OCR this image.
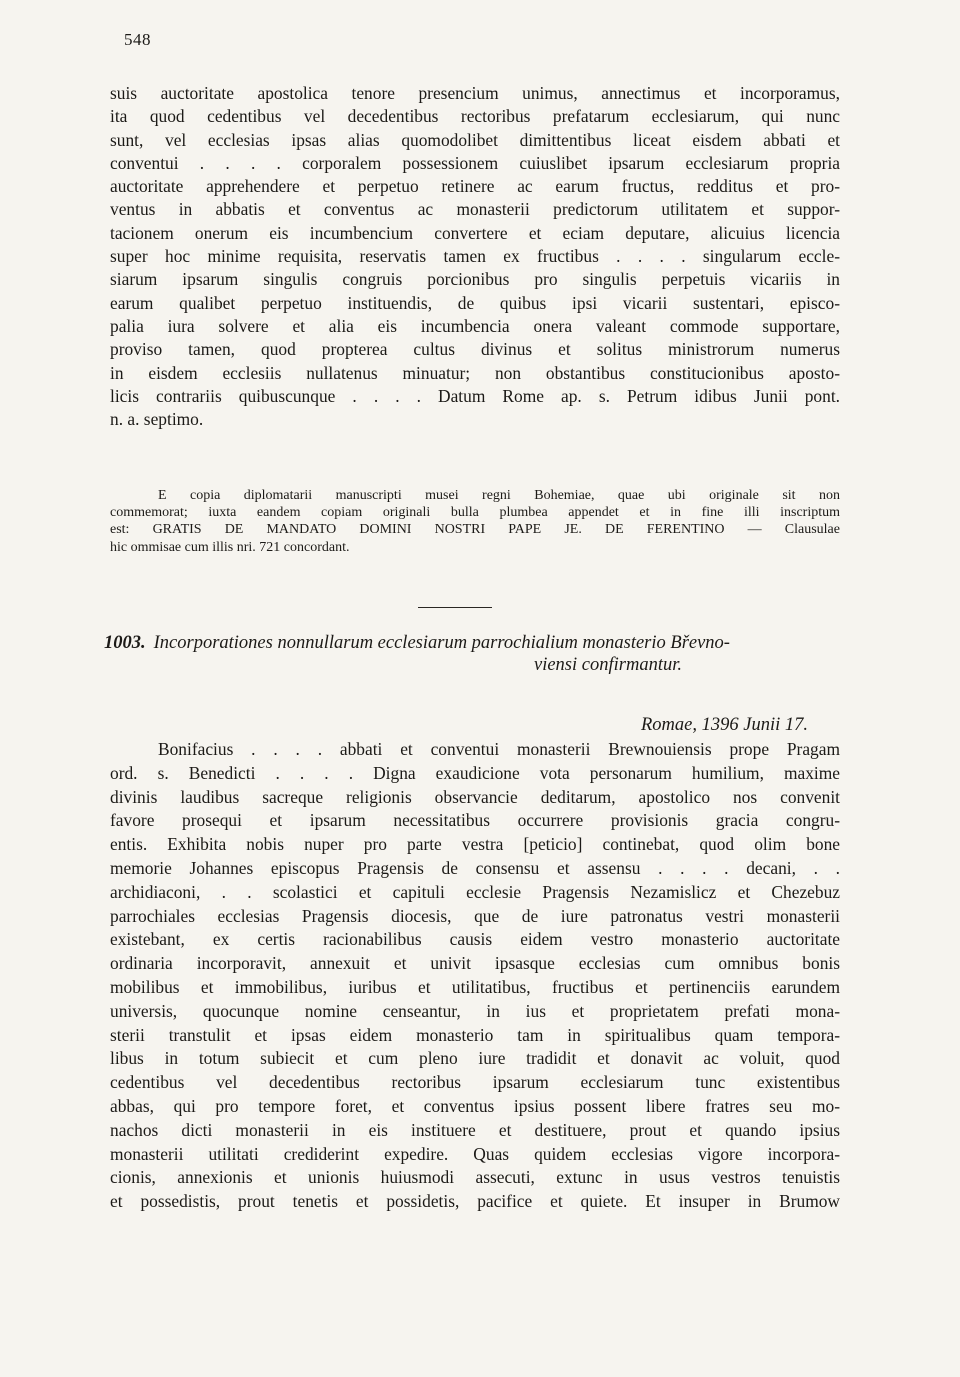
548
suis auctoritate apostolica tenore presencium unimus, annectimus et incorporamus,
ita quod cedentibus vel decedentibus rectoribus prefatarum ecclesiarum, qui nunc
sunt, vel ecclesias ipsas alias quomodolibet dimittentibus liceat eisdem abbati et
conventui . . . . corporalem possessionem cuiuslibet ipsarum ecclesiarum propria
auctoritate apprehendere et perpetuo retinere ac earum fructus, redditus et pro-
ventus in abbatis et conventus ac monasterii predictorum utilitatem et suppor-
tacionem onerum eis incumbencium convertere et eciam deputare, alicuius licencia
super hoc minime requisita, reservatis tamen ex fructibus . . . . singularum eccle-
siarum ipsarum singulis congruis porcionibus pro singulis perpetuis vicariis in
earum qualibet perpetuo instituendis, de quibus ipsi vicarii sustentari, episco-
palia iura solvere et alia eis incumbencia onera valeant commode supportare,
proviso tamen, quod propterea cultus divinus et solitus ministrorum numerus
in eisdem ecclesiis nullatenus minuatur; non obstantibus constitucionibus aposto-
licis contrariis quibuscunque . . . . Datum Rome ap. s. Petrum idibus Junii pont.
n. a. septimo.
E copia diplomatarii manuscripti musei regni Bohemiae, quae ubi originale sit non
commemorat; iuxta eandem copiam originali bulla plumbea appendet et in fine illi inscriptum
est: GRATIS DE MANDATO DOMINI NOSTRI PAPE JE. DE FERENTINO — Clausulae
hic ommisae cum illis nri. 721 concordant.
1003. Incorporationes nonnullarum ecclesiarum parrochialium monasterio Břevno-
viensi confirmantur.
Romae, 1396 Junii 17.
Bonifacius . . . . abbati et conventui monasterii Brewnouiensis prope Pragam
ord. s. Benedicti . . . . Digna exaudicione vota personarum humilium, maxime
divinis laudibus sacreque religionis observancie deditarum, apostolico nos convenit
favore prosequi et ipsarum necessitatibus occurrere provisionis gracia congru-
entis. Exhibita nobis nuper pro parte vestra [peticio] continebat, quod olim bone
memorie Johannes episcopus Pragensis de consensu et assensu . . . . decani, . .
archidiaconi, . . scolastici et capituli ecclesie Pragensis Nezamislicz et Chezebuz
parrochiales ecclesias Pragensis diocesis, que de iure patronatus vestri monasterii
existebant, ex certis racionabilibus causis eidem vestro monasterio auctoritate
ordinaria incorporavit, annexuit et univit ipsasque ecclesias cum omnibus bonis
mobilibus et immobilibus, iuribus et utilitatibus, fructibus et pertinenciis earundem
universis, quocunque nomine censeantur, in ius et proprietatem prefati mona-
sterii transtulit et ipsas eidem monasterio tam in spiritualibus quam tempora-
libus in totum subiecit et cum pleno iure tradidit et donavit ac voluit, quod
cedentibus vel decedentibus rectoribus ipsarum ecclesiarum tunc existentibus
abbas, qui pro tempore foret, et conventus ipsius possent libere fratres seu mo-
nachos dicti monasterii in eis instituere et destituere, prout et quando ipsius
monasterii utilitati crediderint expedire. Quas quidem ecclesias vigore incorpora-
cionis, annexionis et unionis huiusmodi assecuti, extunc in usus vestros tenuistis
et possedistis, prout tenetis et possidetis, pacifice et quiete. Et insuper in Brumow
